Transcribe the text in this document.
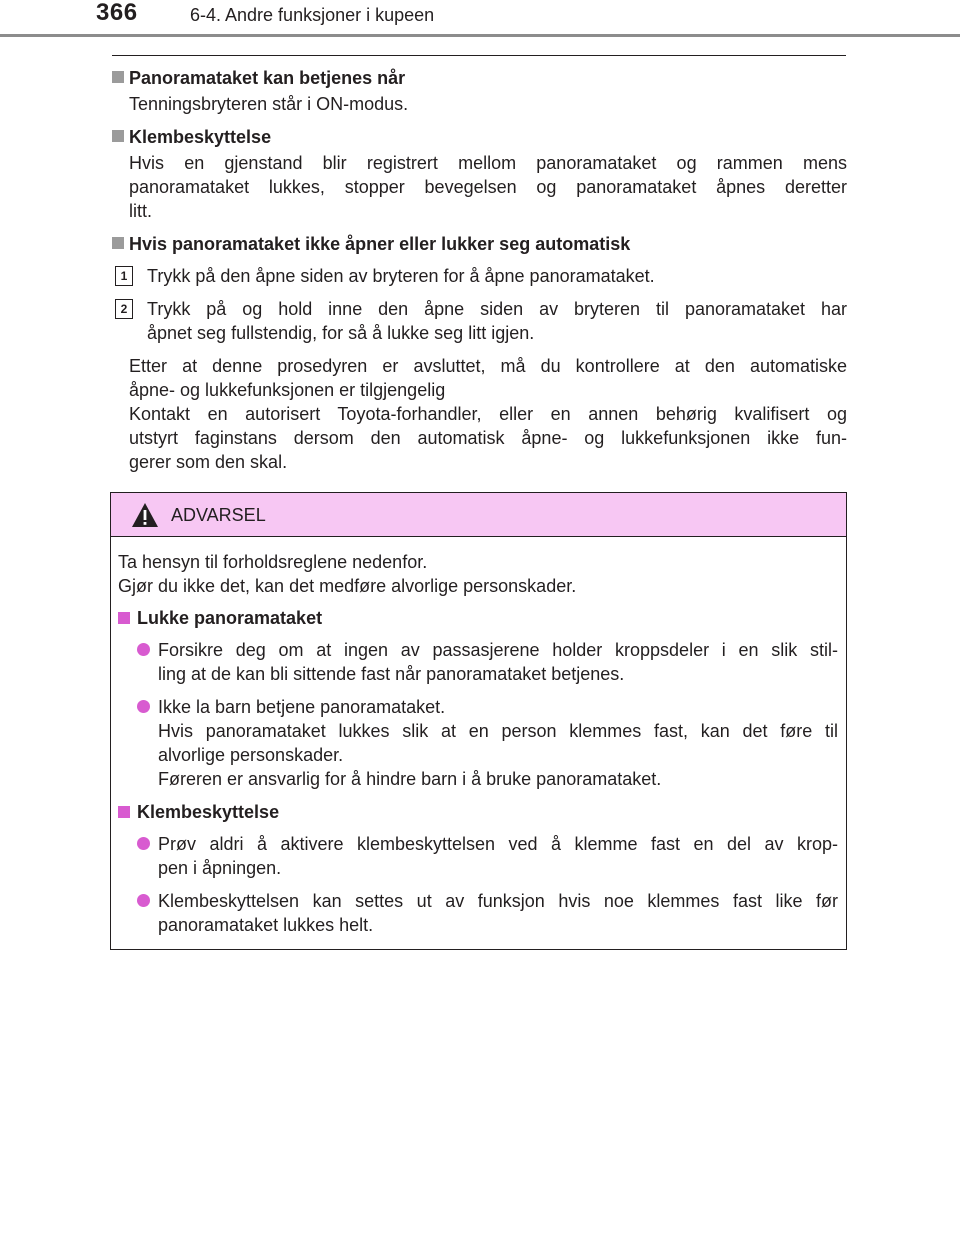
366	6-4. Andre funksjoner i kupeen
Panoramataket kan betjenes når
Tenningsbryteren står i ON-modus.
Klembeskyttelse
Hvis en gjenstand blir registrert mellom panoramataket og rammen mens
panoramataket lukkes, stopper bevegelsen og panoramataket åpnes deretter
litt.
Hvis panoramataket ikke åpner eller lukker seg automatisk
1	Trykk på den åpne siden av bryteren for å åpne panoramataket.
2	Trykk på og hold inne den åpne siden av bryteren til panoramataket har
åpnet seg fullstendig, for så å lukke seg litt igjen.
Etter at denne prosedyren er avsluttet, må du kontrollere at den automatiske
åpne- og lukkefunksjonen er tilgjengelig
Kontakt en autorisert Toyota-forhandler, eller en annen behørig kvalifisert og
utstyrt faginstans dersom den automatisk åpne- og lukkefunksjonen ikke fun-
gerer som den skal.
ADVARSEL
Ta hensyn til forholdsreglene nedenfor.
Gjør du ikke det, kan det medføre alvorlige personskader.
Lukke panoramataket
Forsikre deg om at ingen av passasjerene holder kroppsdeler i en slik stil-
ling at de kan bli sittende fast når panoramataket betjenes.
Ikke la barn betjene panoramataket.
Hvis panoramataket lukkes slik at en person klemmes fast, kan det føre til
alvorlige personskader.
Føreren er ansvarlig for å hindre barn i å bruke panoramataket.
Klembeskyttelse
Prøv aldri å aktivere klembeskyttelsen ved å klemme fast en del av krop-
pen i åpningen.
Klembeskyttelsen kan settes ut av funksjon hvis noe klemmes fast like før
panoramataket lukkes helt.
